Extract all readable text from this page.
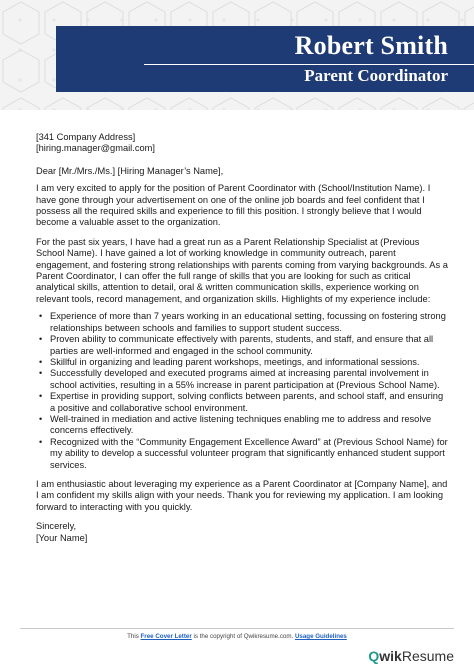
Robert Smith
Parent Coordinator

[341 Company Address]

[hiring.manager@gmail.com]

Dear [Mr./Mrs./Ms.] [Hiring Manager’s Name],

I am very excited to apply for the position of Parent Coordinator with (School/Institution Name). I have gone through your advertisement on one of the online job boards and feel confident that I possess all the required skills and experience to fill this position. I strongly believe that I would become a valuable asset to the organization.

For the past six years, I have had a great run as a Parent Relationship Specialist at (Previous School Name). I have gained a lot of working knowledge in community outreach, parent engagement, and fostering strong relationships with parents coming from varying backgrounds. As a Parent Coordinator, I can offer the full range of skills that you are looking for such as critical analytical skills, attention to detail, oral & written communication skills, experience working on relevant tools, record management, and organization skills. Highlights of my experience include:

• Experience of more than 7 years working in an educational setting, focussing on fostering strong relationships between schools and families to support student success.
• Proven ability to communicate effectively with parents, students, and staff, and ensure that all parties are well-informed and engaged in the school community.
• Skillful in organizing and leading parent workshops, meetings, and informational sessions.
• Successfully developed and executed programs aimed at increasing parental involvement in school activities, resulting in a 55% increase in parent participation at (Previous School Name).
• Expertise in providing support, solving conflicts between parents, and school staff, and ensuring a positive and collaborative school environment.
• Well-trained in mediation and active listening techniques enabling me to address and resolve concerns effectively.
• Recognized with the “Community Engagement Excellence Award” at (Previous School Name) for my ability to develop a successful volunteer program that significantly enhanced student support services.

I am enthusiastic about leveraging my experience as a Parent Coordinator at [Company Name], and I am confident my skills align with your needs. Thank you for reviewing my application. I am looking forward to interacting with you quickly.

Sincerely,

[Your Name]

This Free Cover Letter is the copyright of Qwikresume.com. Usage Guidelines
QwikResume
